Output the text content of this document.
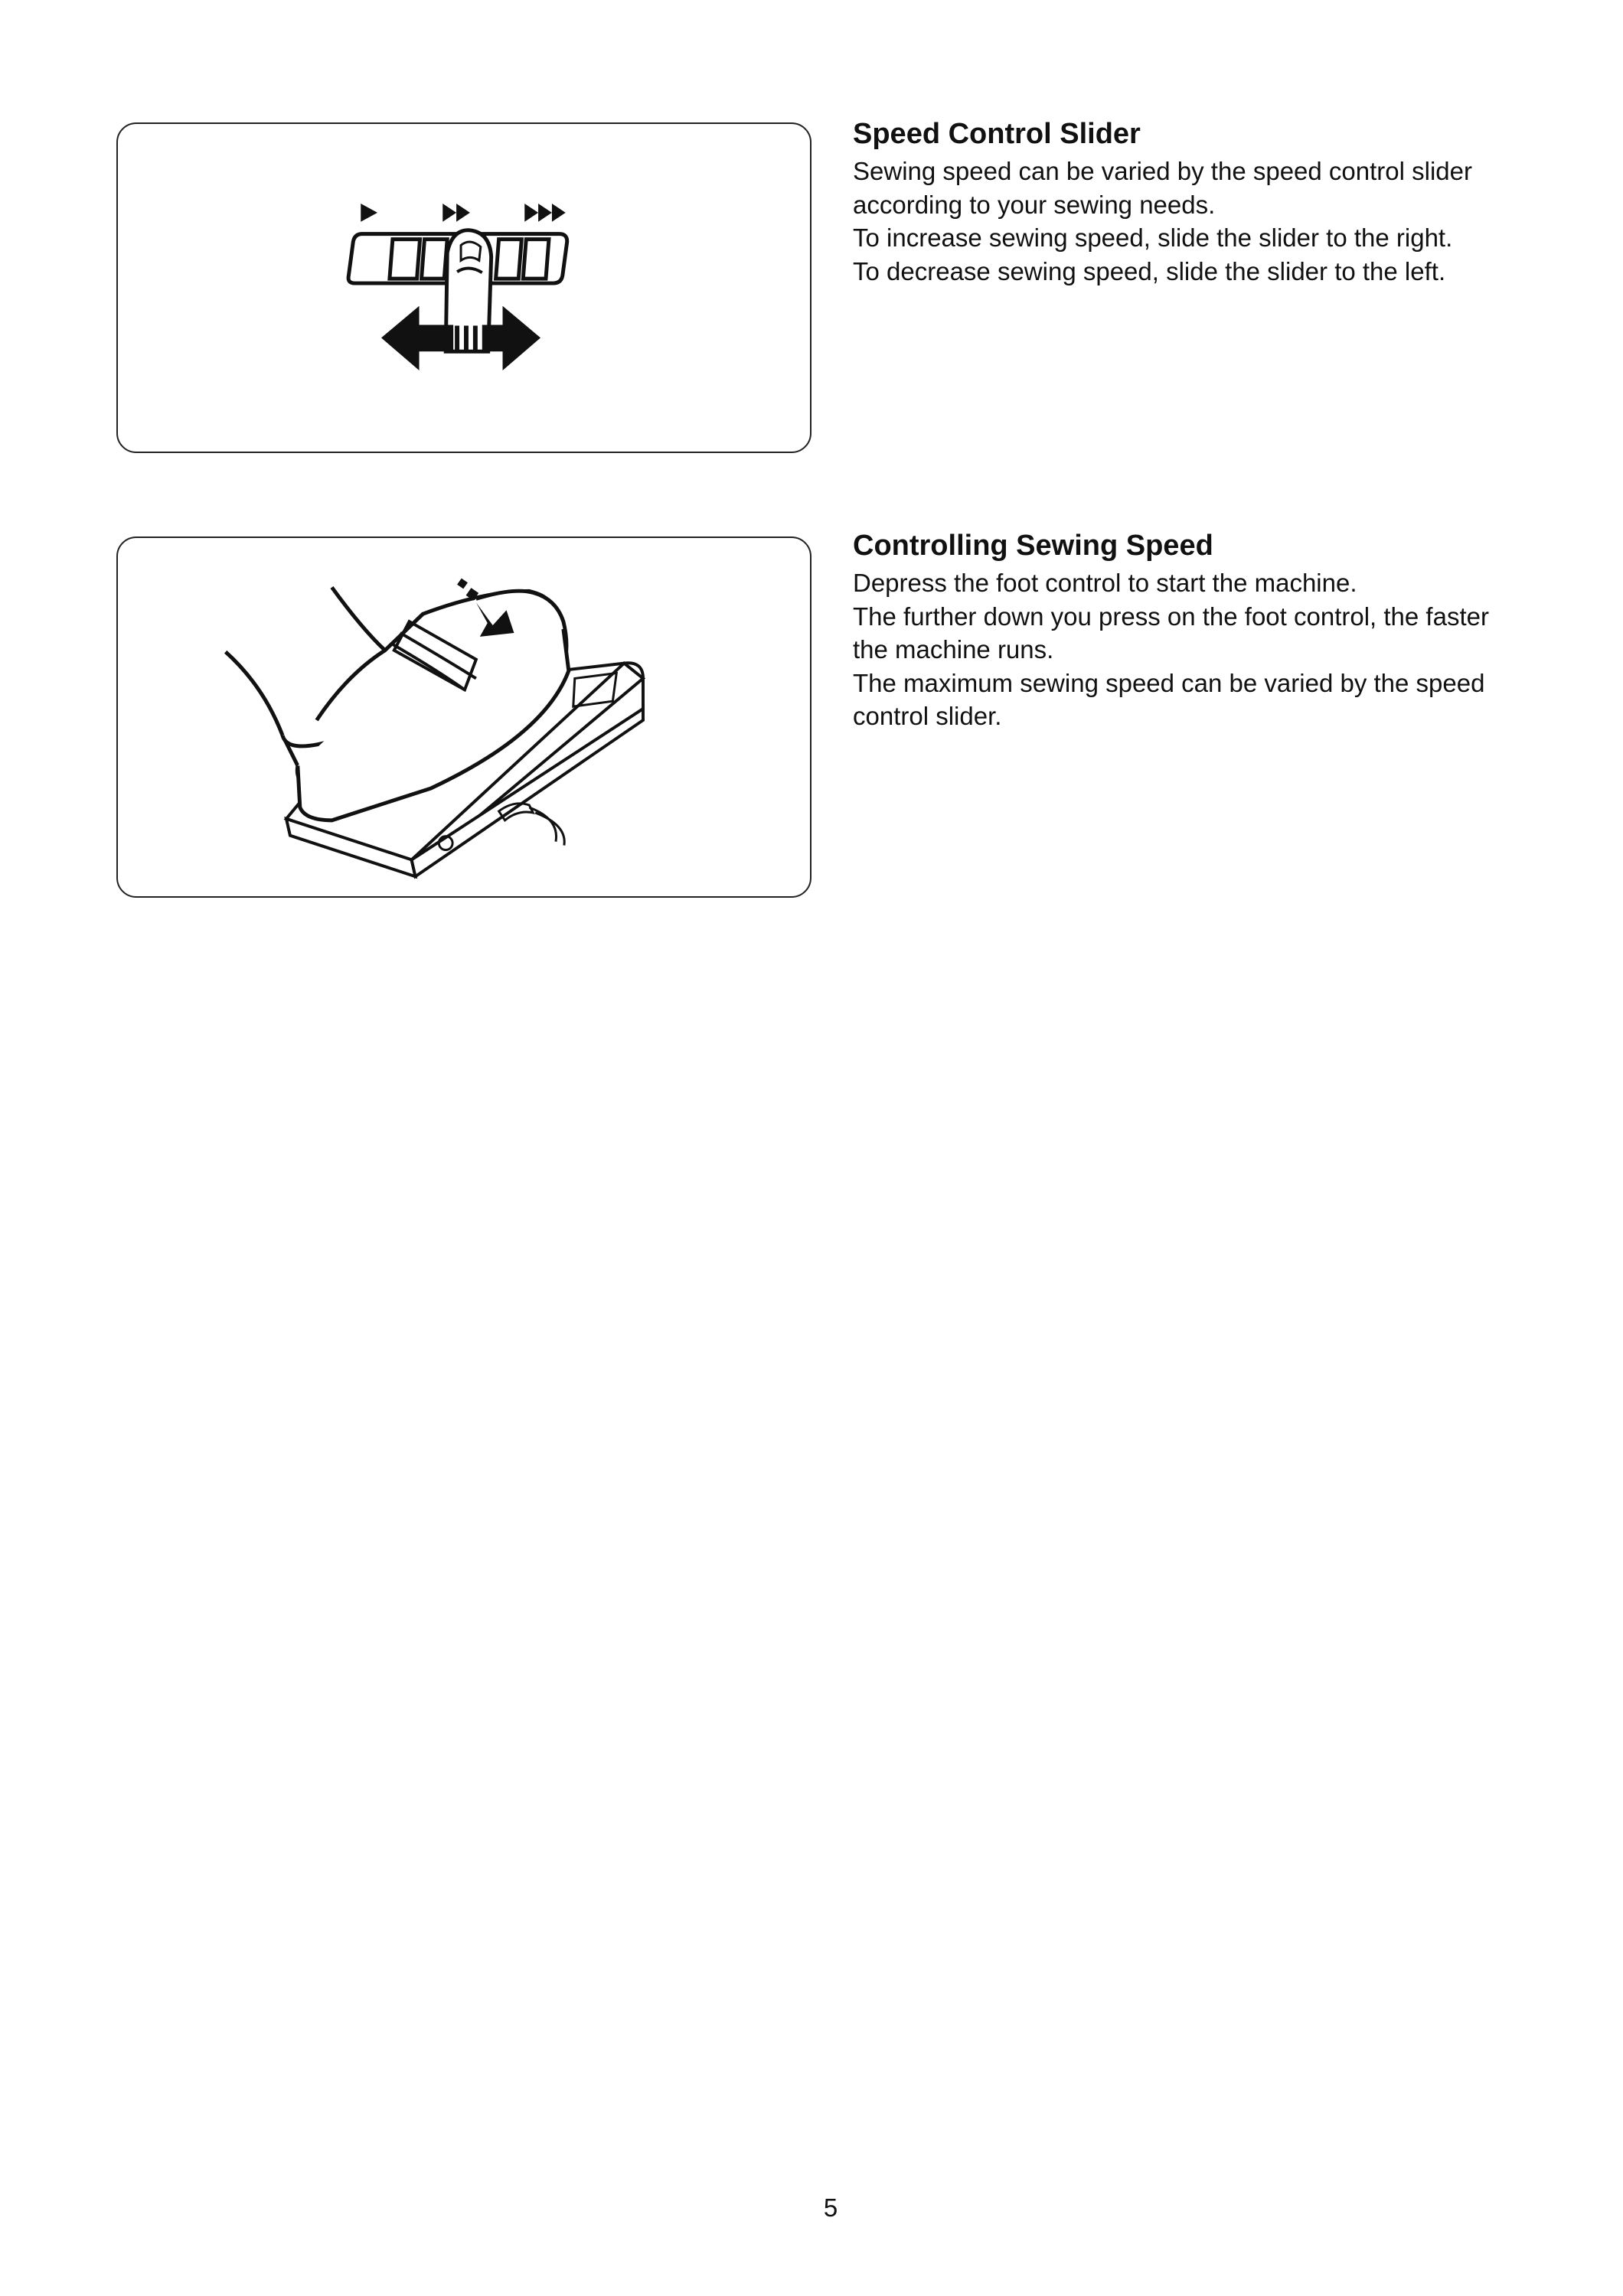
Speed Control Slider

Sewing speed can be varied by the speed control slider

according to your sewing needs.

To increase sewing speed, slide the slider to the right.

To decrease sewing speed, slide the slider to the left.

Controlling Sewing Speed

Depress the foot control to start the machine.

The further down you press on the foot control, the faster

the machine runs.

The maximum sewing speed can be varied by the speed

control slider.

5
